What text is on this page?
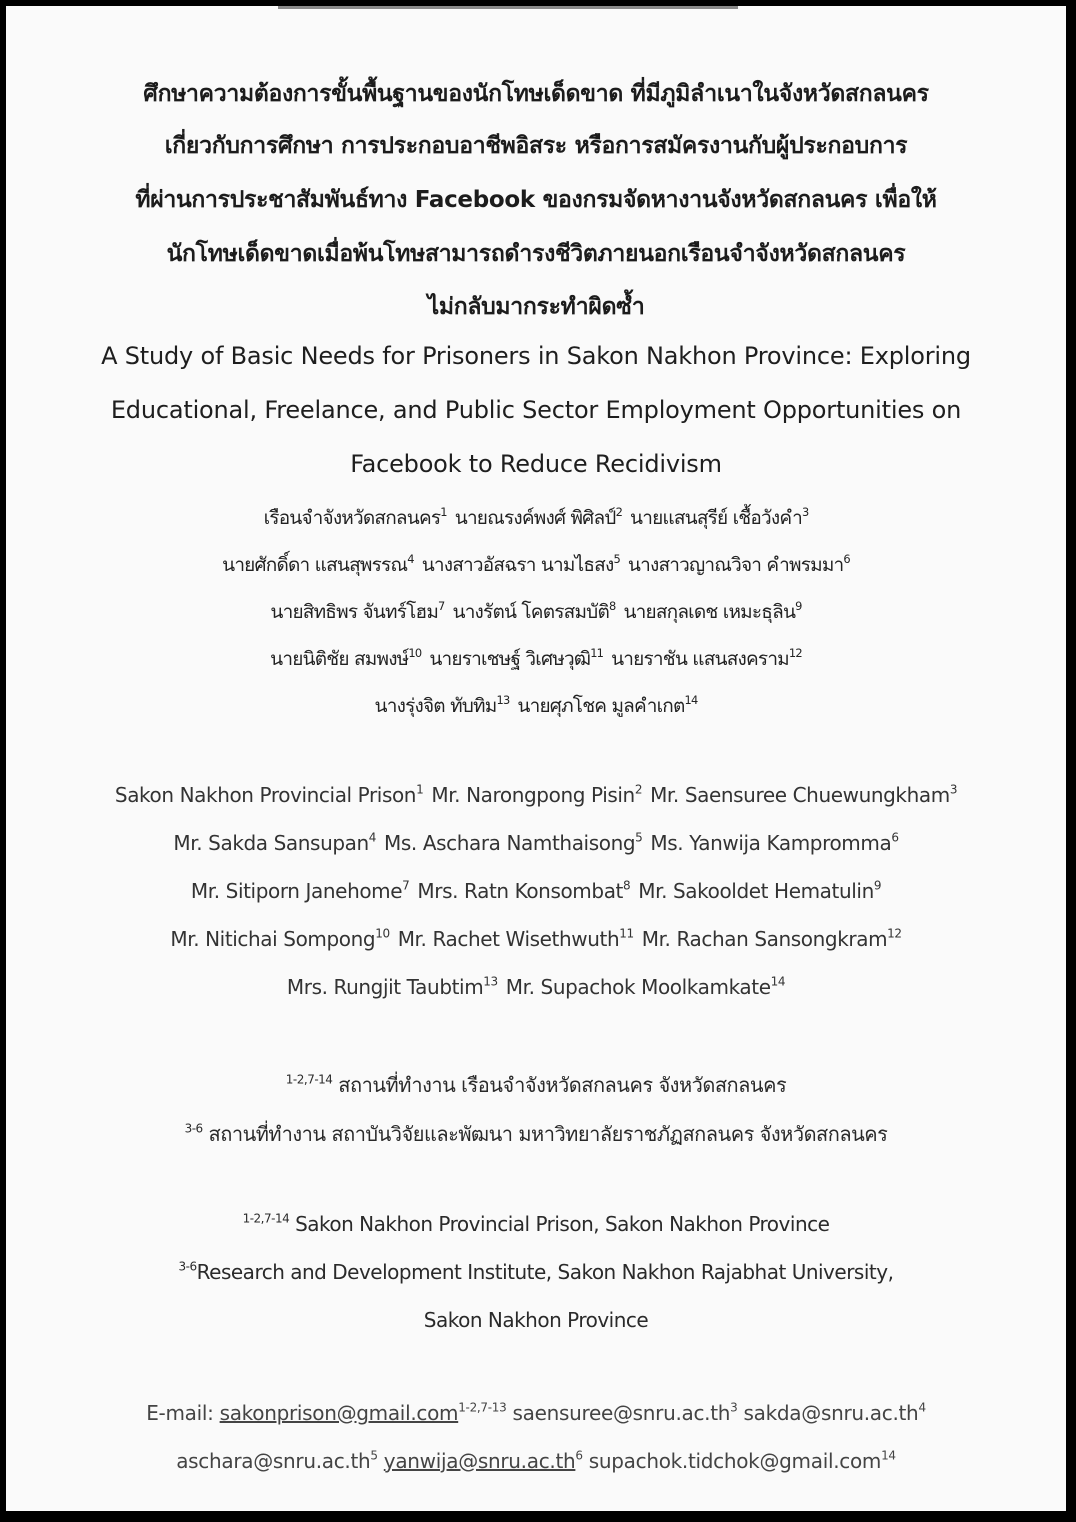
ศึกษาความต้องการขั้นพื้นฐานของนักโทษเด็ดขาด ที่มีภูมิลำเนาในจังหวัดสกลนคร
เกี่ยวกับการศึกษา การประกอบอาชีพอิสระ หรือการสมัครงานกับผู้ประกอบการ
ที่ผ่านการประชาสัมพันธ์ทาง Facebook ของกรมจัดหางานจังหวัดสกลนคร เพื่อให้
นักโทษเด็ดขาดเมื่อพ้นโทษสามารถดำรงชีวิตภายนอกเรือนจำจังหวัดสกลนคร
ไม่กลับมากระทำผิดซ้ำ
A Study of Basic Needs for Prisoners in Sakon Nakhon Province: Exploring
Educational, Freelance, and Public Sector Employment Opportunities on
Facebook to Reduce Recidivism
เรือนจำจังหวัดสกลนคร$^1$ นายณรงค์พงศ์ พิศิลป์$^2$ นายแสนสุรีย์ เชื้อวังคำ$^3$
นายศักดิ์ดา แสนสุพรรณ$^4$ นางสาวอัสฉรา นามไธสง$^5$ นางสาวญาณวิจา คำพรมมา$^6$
นายสิทธิพร จันทร์โฮม$^7$ นางรัตน์ โคตรสมบัติ$^8$ นายสกุลเดช เหมะธุลิน$^9$
นายนิติชัย สมพงษ์$^{10}$ นายราเชษฐ์ วิเศษวุฒิ$^{11}$ นายราชัน แสนสงคราม$^{12}$
นางรุ่งจิต ทับทิม$^{13}$ นายศุภโชค มูลคำเกต$^{14}$
Sakon Nakhon Provincial Prison$^1$ Mr. Narongpong Pisin$^2$ Mr. Saensuree Chuewungkham$^3$
Mr. Sakda Sansupan$^4$ Ms. Aschara Namthaisong$^5$ Ms. Yanwija Kampromma$^6$
Mr. Sitiporn Janehome$^7$ Mrs. Ratn Konsombat$^8$ Mr. Sakooldet Hematulin$^9$
Mr. Nitichai Sompong$^{10}$ Mr. Rachet Wisethwuth$^{11}$ Mr. Rachan Sansongkram$^{12}$
Mrs. Rungjit Taubtim$^{13}$ Mr. Supachok Moolkamkate$^{14}$
$^{1-2,7-14}$ สถานที่ทำงาน เรือนจำจังหวัดสกลนคร จังหวัดสกลนคร
$^{3-6}$ สถานที่ทำงาน สถาบันวิจัยและพัฒนา มหาวิทยาลัยราชภัฏสกลนคร จังหวัดสกลนคร
$^{1-2,7-14}$ Sakon Nakhon Provincial Prison, Sakon Nakhon Province
$^{3-6}$Research and Development Institute, Sakon Nakhon Rajabhat University,
Sakon Nakhon Province
E-mail: sakonprison@gmail.com$^{1-2,7-13}$ $saensuree@snru.ac.th^3$ $sakda@snru.ac.th^4$
$aschara@snru.ac.th^5$ $yanwija@snru.ac.th^6$ supachok.tidchok@gmail.com$^{14}$
